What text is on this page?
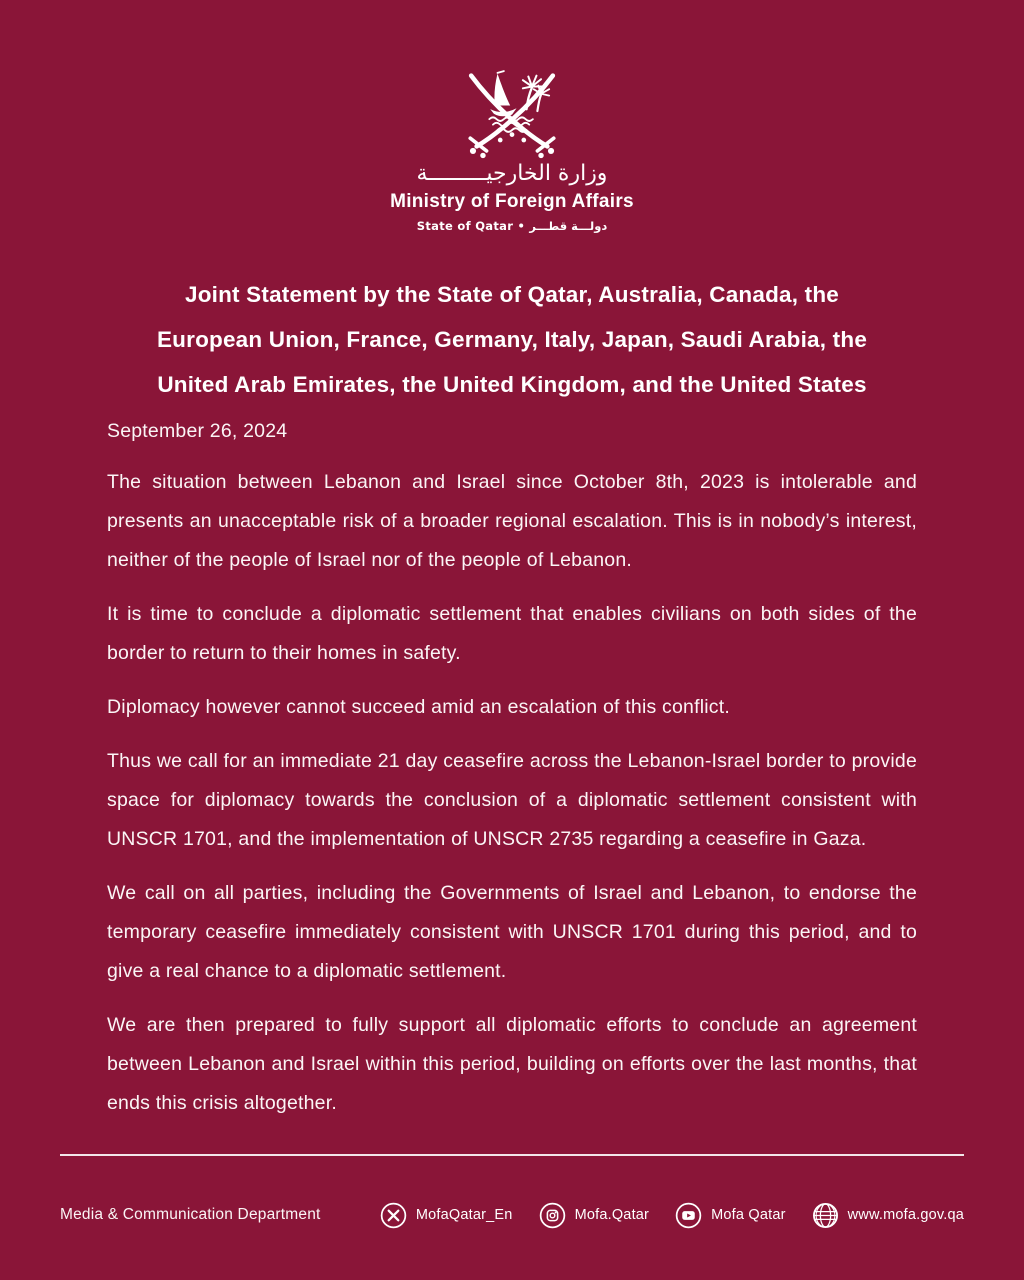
وزارة الخارجيـــــــــة
Ministry of Foreign Affairs
State of Qatar • دولـــة قطـــر
Joint Statement by the State of Qatar, Australia, Canada, the European Union, France, Germany, Italy, Japan, Saudi Arabia, the United Arab Emirates, the United Kingdom, and the United States
September 26, 2024

The situation between Lebanon and Israel since October 8th, 2023 is intolerable and presents an unacceptable risk of a broader regional escalation. This is in nobody’s interest, neither of the people of Israel nor of the people of Lebanon.

It is time to conclude a diplomatic settlement that enables civilians on both sides of the border to return to their homes in safety.

Diplomacy however cannot succeed amid an escalation of this conflict.

Thus we call for an immediate 21 day ceasefire across the Lebanon-Israel border to provide space for diplomacy towards the conclusion of a diplomatic settlement consistent with UNSCR 1701, and the implementation of UNSCR 2735 regarding a ceasefire in Gaza.

We call on all parties, including the Governments of Israel and Lebanon, to endorse the temporary ceasefire immediately consistent with UNSCR 1701 during this period, and to give a real chance to a diplomatic settlement.

We are then prepared to fully support all diplomatic efforts to conclude an agreement between Lebanon and Israel within this period, building on efforts over the last months, that ends this crisis altogether.

Media & Communication Department	MofaQatar_En	Mofa.Qatar	Mofa Qatar	www.mofa.gov.qa
